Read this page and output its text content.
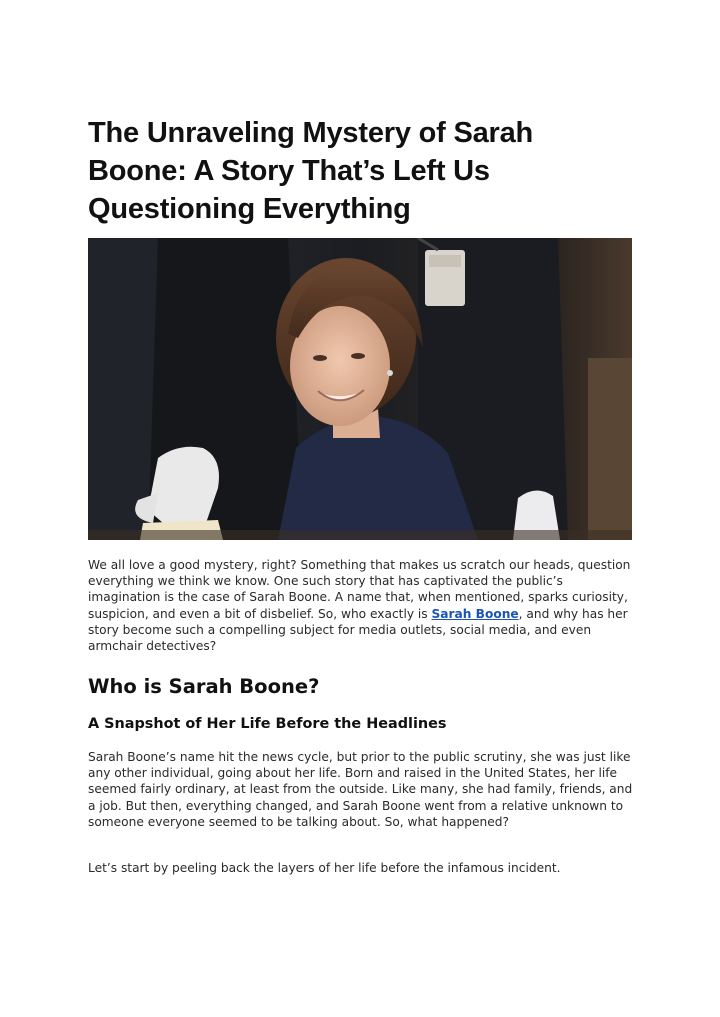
The Unraveling Mystery of Sarah Boone: A Story That’s Left Us Questioning Everything

We all love a good mystery, right? Something that makes us scratch our heads, question everything we think we know. One such story that has captivated the public’s imagination is the case of Sarah Boone. A name that, when mentioned, sparks curiosity, suspicion, and even a bit of disbelief. So, who exactly is Sarah Boone, and why has her story become such a compelling subject for media outlets, social media, and even armchair detectives?

Who is Sarah Boone?
A Snapshot of Her Life Before the Headlines

Sarah Boone’s name hit the news cycle, but prior to the public scrutiny, she was just like any other individual, going about her life. Born and raised in the United States, her life seemed fairly ordinary, at least from the outside. Like many, she had family, friends, and a job. But then, everything changed, and Sarah Boone went from a relative unknown to someone everyone seemed to be talking about. So, what happened?

Let’s start by peeling back the layers of her life before the infamous incident.
